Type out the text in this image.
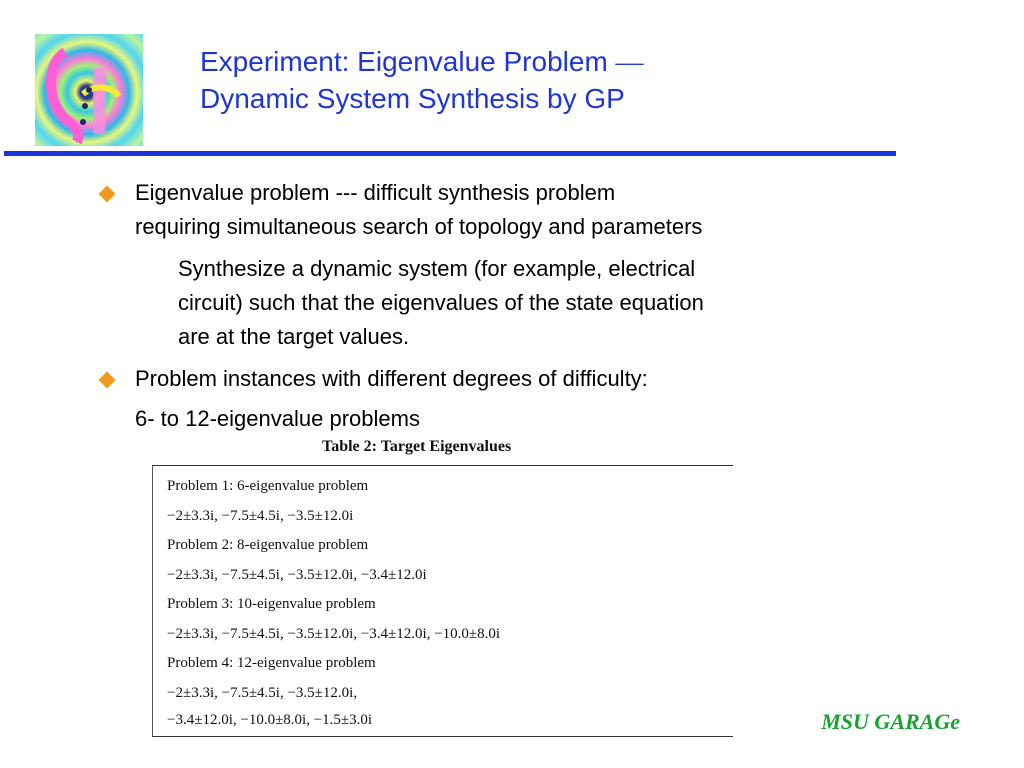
Experiment: Eigenvalue Problem —
Dynamic System Synthesis by GP
Eigenvalue problem --- difficult synthesis problem
requiring simultaneous search of topology and parameters
Synthesize a dynamic system (for example, electrical
circuit) such that the eigenvalues of the state equation
are at the target values.
Problem instances with different degrees of difficulty:
6- to 12-eigenvalue problems
Table 2: Target Eigenvalues
Problem 1: 6-eigenvalue problem
−2±3.3i, −7.5±4.5i, −3.5±12.0i
Problem 2: 8-eigenvalue problem
−2±3.3i, −7.5±4.5i, −3.5±12.0i, −3.4±12.0i
Problem 3: 10-eigenvalue problem
−2±3.3i, −7.5±4.5i, −3.5±12.0i, −3.4±12.0i, −10.0±8.0i
Problem 4: 12-eigenvalue problem
−2±3.3i, −7.5±4.5i, −3.5±12.0i,
−3.4±12.0i, −10.0±8.0i, −1.5±3.0i	MSU GARAGe
